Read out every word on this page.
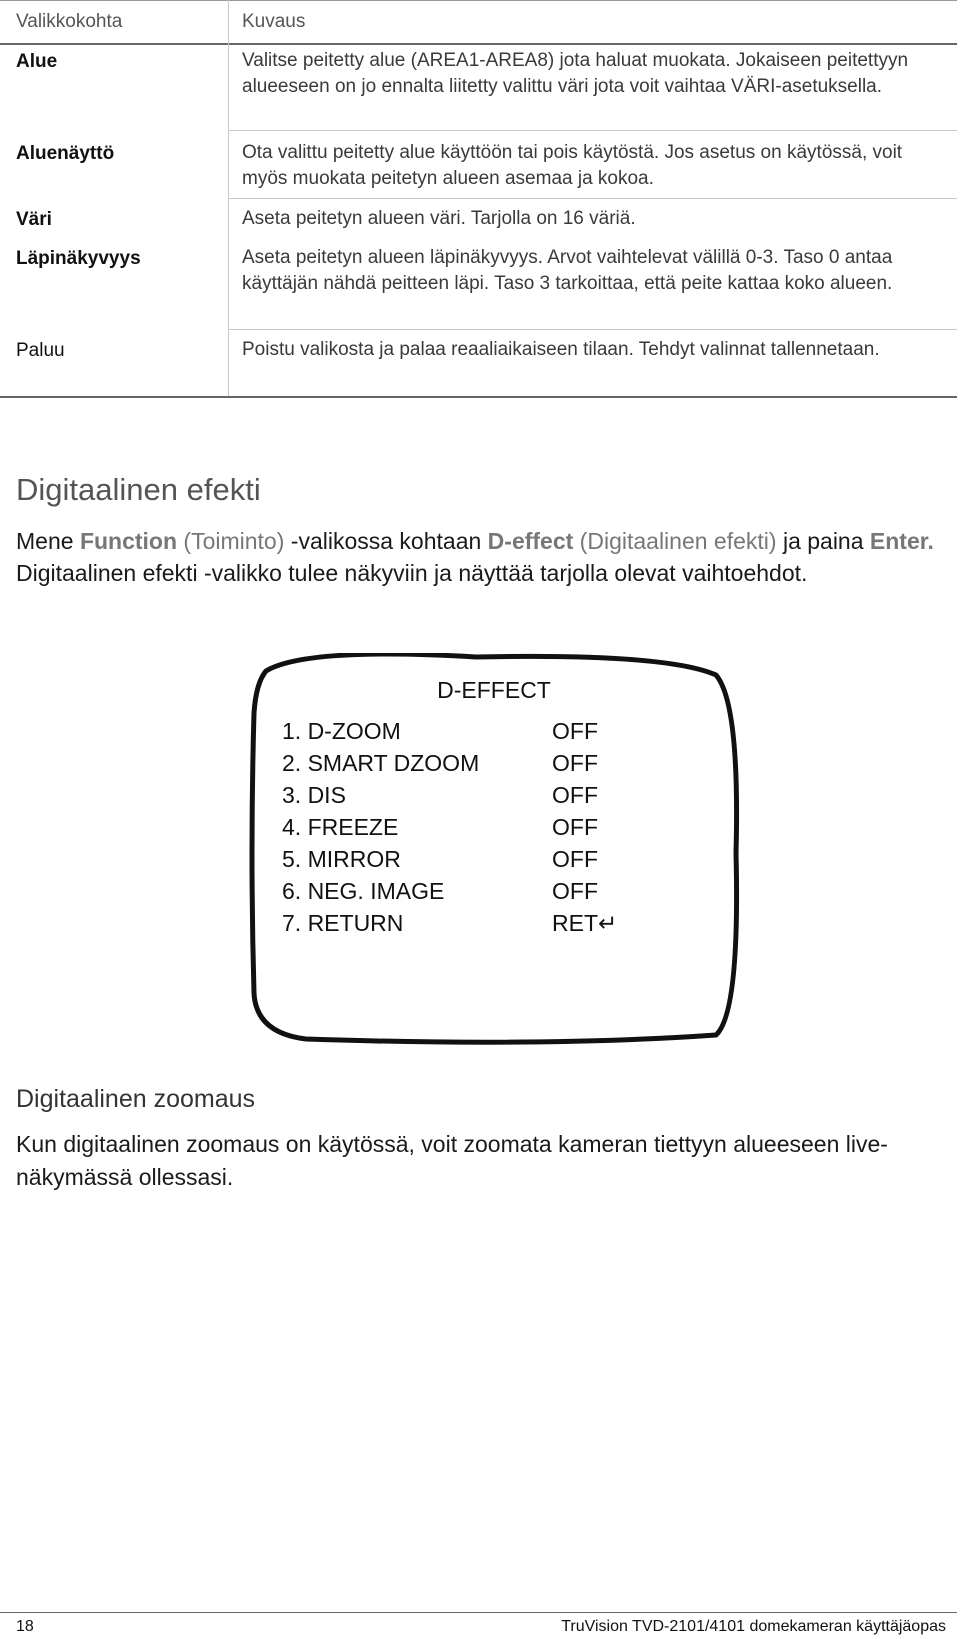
Valikkokohta	Kuvaus
Alue	Valitse peitetty alue (AREA1-AREA8) jota haluat muokata. Jokaiseen peitettyyn alueeseen on jo ennalta liitetty valittu väri jota voit vaihtaa VÄRI-asetuksella.
Aluenäyttö	Ota valittu peitetty alue käyttöön tai pois käytöstä. Jos asetus on käytössä, voit myös muokata peitetyn alueen asemaa ja kokoa.
Väri	Aseta peitetyn alueen väri. Tarjolla on 16 väriä.
Läpinäkyvyys	Aseta peitetyn alueen läpinäkyvyys. Arvot vaihtelevat välillä 0-3. Taso 0 antaa käyttäjän nähdä peitteen läpi. Taso 3 tarkoittaa, että peite kattaa koko alueen.
Paluu	Poistu valikosta ja palaa reaaliaikaiseen tilaan. Tehdyt valinnat tallennetaan.
Digitaalinen efekti
Mene Function (Toiminto) -valikossa kohtaan D-effect (Digitaalinen efekti) ja paina Enter. Digitaalinen efekti -valikko tulee näkyviin ja näyttää tarjolla olevat vaihtoehdot.
D-EFFECT
1. D-ZOOM	OFF
2. SMART DZOOM	OFF
3. DIS	OFF
4. FREEZE	OFF
5. MIRROR	OFF
6. NEG. IMAGE	OFF
7. RETURN	RET↵
Digitaalinen zoomaus
Kun digitaalinen zoomaus on käytössä, voit zoomata kameran tiettyyn alueeseen live-näkymässä ollessasi.
18	TruVision TVD-2101/4101 domekameran käyttäjäopas
